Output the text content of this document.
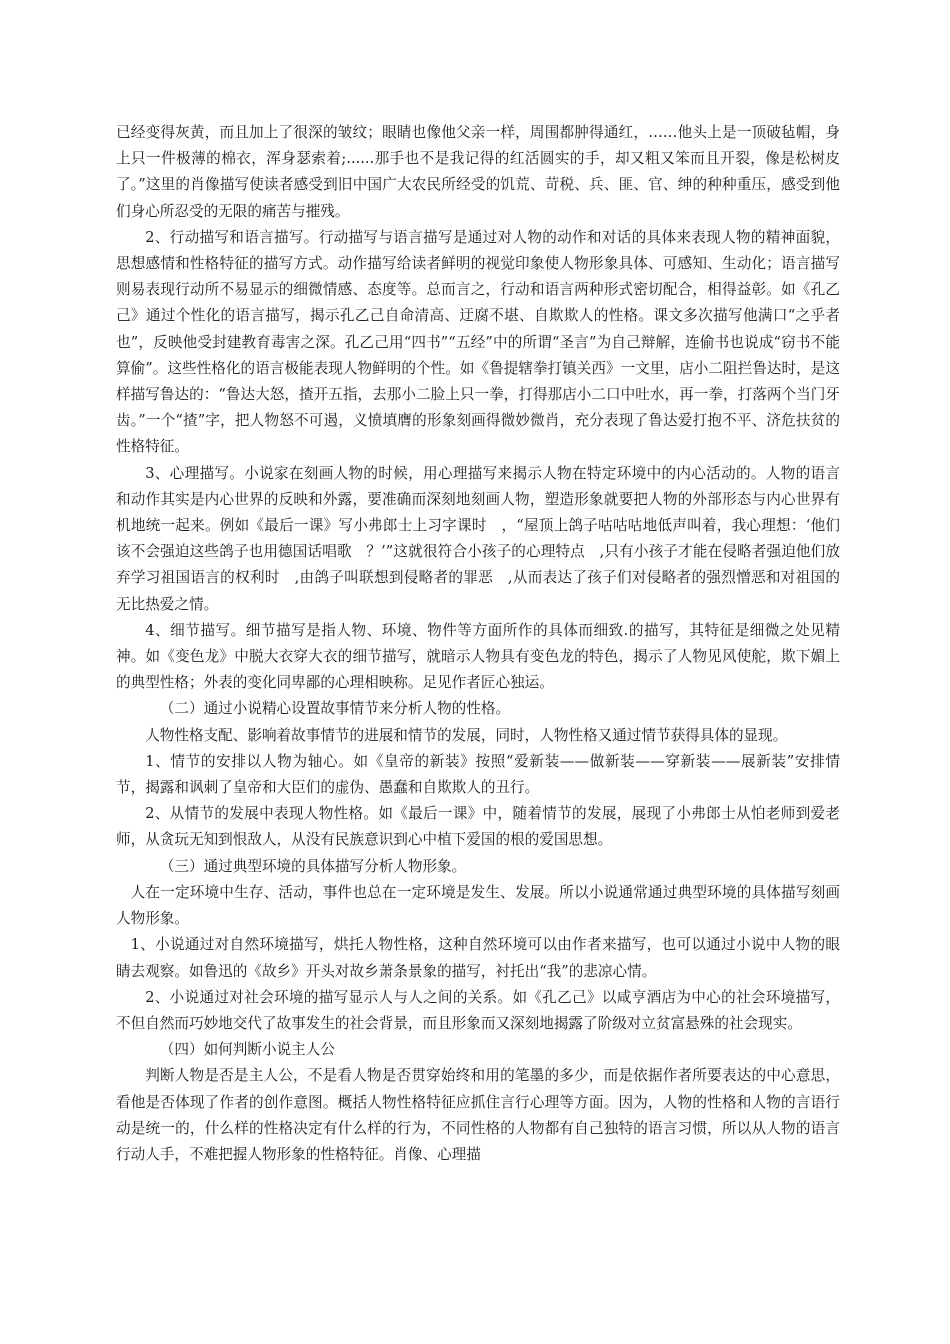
已经变得灰黄，而且加上了很深的皱纹；眼睛也像他父亲一样，周围都肿得通红，……他头上是一顶破毡帽，身上只一件极薄的棉衣，浑身瑟索着;......那手也不是我记得的红活圆实的手，却又粗又笨而且开裂，像是松树皮了。”这里的肖像描写使读者感受到旧中国广大农民所经受的饥荒、苛税、兵、匪、官、绅的种种重压，感受到他们身心所忍受的无限的痛苦与摧残。

2、行动描写和语言描写。行动描写与语言描写是通过对人物的动作和对话的具体来表现人物的精神面貌，思想感情和性格特征的描写方式。动作描写给读者鲜明的视觉印象使人物形象具体、可感知、生动化；语言描写则易表现行动所不易显示的细微情感、态度等。总而言之，行动和语言两种形式密切配合，相得益彰。如《孔乙己》通过个性化的语言描写，揭示孔乙己自命清高、迂腐不堪、自欺欺人的性格。课文多次描写他满口“之乎者也”，反映他受封建教育毒害之深。孔乙己用“四书”“五经”中的所谓“圣言”为自己辩解，连偷书也说成“窃书不能算偷”。这些性格化的语言极能表现人物鲜明的个性。如《鲁提辖拳打镇关西》一文里，店小二阻拦鲁达时，是这样描写鲁达的：“鲁达大怒，揸开五指，去那小二脸上只一拳，打得那店小二口中吐水，再一拳，打落两个当门牙齿。”一个“揸”字，把人物怒不可遏，义愤填膺的形象刻画得微妙微肖，充分表现了鲁达爱打抱不平、济危扶贫的性格特征。

3、心理描写。小说家在刻画人物的时候，用心理描写来揭示人物在特定环境中的内心活动的。人物的语言和动作其实是内心世界的反映和外露，要准确而深刻地刻画人物，塑造形象就要把人物的外部形态与内心世界有机地统一起来。例如《最后一课》写小弗郎士上习字课时　，“屋顶上鸽子咕咕咕地低声叫着，我心理想：‘他们该不会强迫这些鸽子也用德国话唱歌　？’”这就很符合小孩子的心理特点　,只有小孩子才能在侵略者强迫他们放弃学习祖国语言的权利时　,由鸽子叫联想到侵略者的罪恶　,从而表达了孩子们对侵略者的强烈憎恶和对祖国的无比热爱之情。

4、细节描写。细节描写是指人物、环境、物件等方面所作的具体而细致.的描写，其特征是细微之处见精神。如《变色龙》中脱大衣穿大衣的细节描写，就暗示人物具有变色龙的特色，揭示了人物见风使舵，欺下媚上的典型性格；外表的变化同卑鄙的心理相映称。足见作者匠心独运。

（二）通过小说精心设置故事情节来分析人物的性格。

人物性格支配、影响着故事情节的进展和情节的发展，同时，人物性格又通过情节获得具体的显现。

1、情节的安排以人物为轴心。如《皇帝的新装》按照“爱新装——做新装——穿新装——展新装”安排情节，揭露和讽刺了皇帝和大臣们的虚伪、愚蠢和自欺欺人的丑行。

2、从情节的发展中表现人物性格。如《最后一课》中，随着情节的发展，展现了小弗郎士从怕老师到爱老师，从贪玩无知到恨敌人，从没有民族意识到心中植下爱国的根的爱国思想。

（三）通过典型环境的具体描写分析人物形象。

人在一定环境中生存、活动，事件也总在一定环境是发生、发展。所以小说通常通过典型环境的具体描写刻画人物形象。

1、小说通过对自然环境描写，烘托人物性格，这种自然环境可以由作者来描写，也可以通过小说中人物的眼睛去观察。如鲁迅的《故乡》开头对故乡萧条景象的描写，衬托出“我”的悲凉心情。

2、小说通过对社会环境的描写显示人与人之间的关系。如《孔乙己》以咸亨酒店为中心的社会环境描写，不但自然而巧妙地交代了故事发生的社会背景，而且形象而又深刻地揭露了阶级对立贫富悬殊的社会现实。

（四）如何判断小说主人公

判断人物是否是主人公，不是看人物是否贯穿始终和用的笔墨的多少，而是依据作者所要表达的中心意思，看他是否体现了作者的创作意图。概括人物性格特征应抓住言行心理等方面。因为，人物的性格和人物的言语行动是统一的，什么样的性格决定有什么样的行为，不同性格的人物都有自己独特的语言习惯，所以从人物的语言行动人手，不难把握人物形象的性格特征。肖像、心理描
